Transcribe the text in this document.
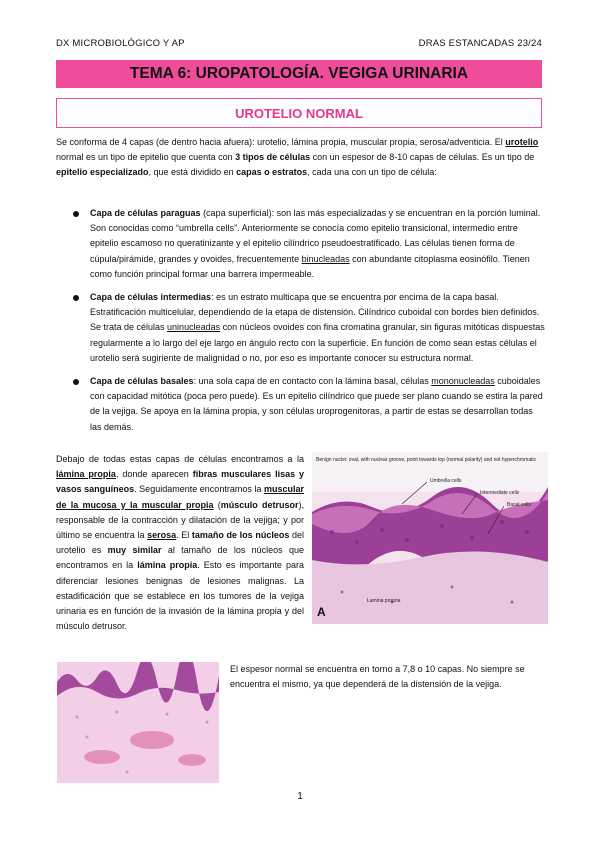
DX MICROBIOLÓGICO Y AP	DRAS ESTANCADAS 23/24
TEMA 6: UROPATOLOGÍA. VEGIGA URINARIA
UROTELIO NORMAL

Se conforma de 4 capas (de dentro hacia afuera): urotelio, lámina propia, muscular propia, serosa/adventicia. El urotelio normal es un tipo de epitelio que cuenta con 3 tipos de células con un espesor de 8-10 capas de células. Es un tipo de epitelio especializado, que está dividido en capas o estratos, cada una con un tipo de célula:

Capa de células paraguas (capa superficial): son las más especializadas y se encuentran en la porción luminal. Son conocidas como “umbrella cells”. Anteriormente se conocía como epitelio transicional, intermedio entre epitelio escamoso no queratinizante y el epitelio cilíndrico pseudoestratificado. Las células tienen forma de cúpula/pirámide, grandes y ovoides, frecuentemente binucleadas con abundante citoplasma eosinófilo. Tienen como función principal formar una barrera impermeable.

Capa de células intermedias: es un estrato multicapa que se encuentra por encima de la capa basal. Estratificación multicelular, dependiendo de la etapa de distensión. Cilíndrico cuboidal con bordes bien definidos. Se trata de células uninucleadas con núcleos ovoides con fina cromatina granular, sin figuras mitóticas dispuestas regularmente a lo largo del eje largo en ángulo recto con la superficie. En función de como sean estas células el urotelio será sugiriente de malignidad o no, por eso es importante conocer su estructura normal.

Capa de células basales: una sola capa de en contacto con la lámina basal, células mononucleadas cuboidales con capacidad mitótica (poca pero puede). Es un epitelio cilíndrico que puede ser plano cuando se estira la pared de la vejiga. Se apoya en la lámina propia, y son células uroprogenitoras, a partir de estas se desarrollan todas las demás.

Debajo de todas estas capas de células encontramos a la lámina propia, donde aparecen fibras musculares lisas y vasos sanguíneos. Seguidamente encontramos la muscular de la mucosa y la muscular propia (músculo detrusor), responsable de la contracción y dilatación de la vejiga; y por último se encuentra la serosa. El tamaño de los núcleos del urotelio es muy similar al tamaño de los núcleos que encontramos en la lámina propia. Esto es importante para diferenciar lesiones benignas de lesiones malignas. La estadificación que se establece en los tumores de la vejiga urinaria es en función de la invasión de la lámina propia y del músculo detrusor.

Benign nuclei: oval, with nuclear groove, point towards top (normal polarity) and not hyperchromatic
Umbrella cells
Intermediate cells
Basal cells
Lamina propria
A

El espesor normal se encuentra en torno a 7,8 o 10 capas. No siempre se encuentra el mismo, ya que dependerá de la distensión de la vejiga.

1
